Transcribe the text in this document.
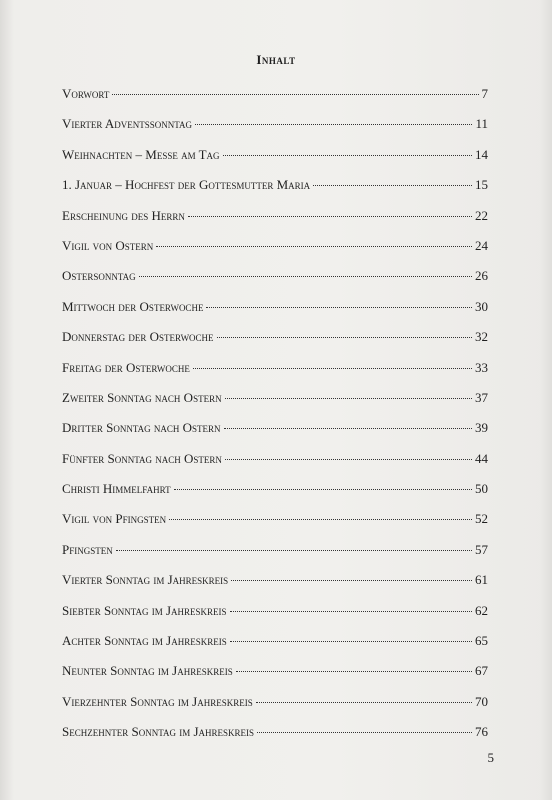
Inhalt
Vorwort	7
Vierter Adventssonntag	11
Weihnachten – Messe am Tag	14
1. Januar – Hochfest der Gottesmutter Maria	15
Erscheinung des Herrn	22
Vigil von Ostern	24
Ostersonntag	26
Mittwoch der Osterwoche	30
Donnerstag der Osterwoche	32
Freitag der Osterwoche	33
Zweiter Sonntag nach Ostern	37
Dritter Sonntag nach Ostern	39
Fünfter Sonntag nach Ostern	44
Christi Himmelfahrt	50
Vigil von Pfingsten	52
Pfingsten	57
Vierter Sonntag im Jahreskreis	61
Siebter Sonntag im Jahreskreis	62
Achter Sonntag im Jahreskreis	65
Neunter Sonntag im Jahreskreis	67
Vierzehnter Sonntag im Jahreskreis	70
Sechzehnter Sonntag im Jahreskreis	76
5
